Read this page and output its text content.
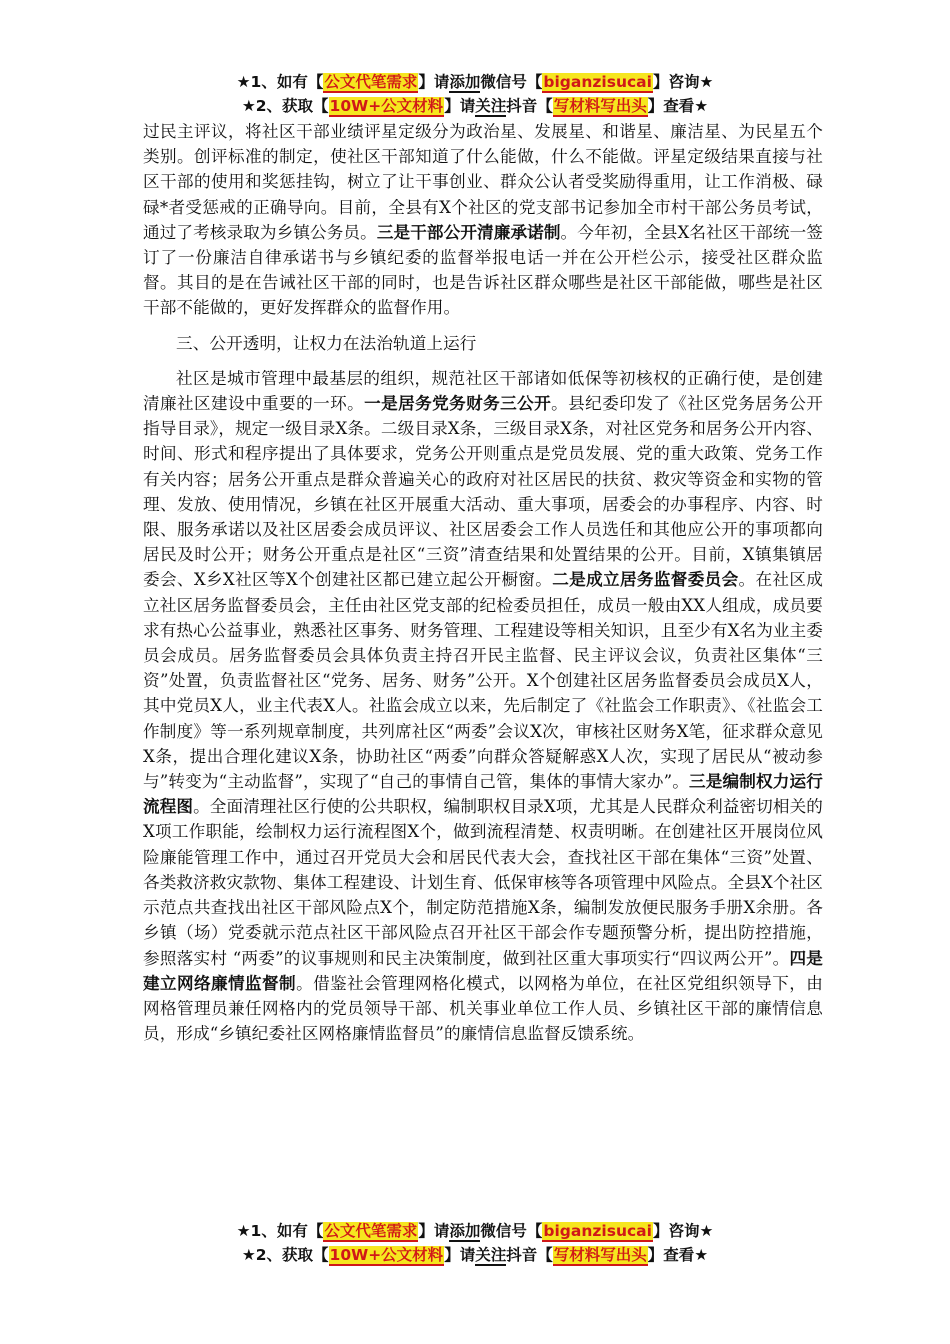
★1、如有【公文代笔需求】请添加微信号【biganzisucai】咨询★
★2、获取【10W+公文材料】请关注抖音【写材料写出头】查看★

过民主评议，将社区干部业绩评星定级分为政治星、发展星、和谐星、廉洁星、为民星五个类别。创评标准的制定，使社区干部知道了什么能做，什么不能做。评星定级结果直接与社区干部的使用和奖惩挂钩，树立了让干事创业、群众公认者受奖励得重用，让工作消极、碌碌*者受惩戒的正确导向。目前，全县有X个社区的党支部书记参加全市村干部公务员考试，通过了考核录取为乡镇公务员。三是干部公开清廉承诺制。今年初，全县X名社区干部统一签订了一份廉洁自律承诺书与乡镇纪委的监督举报电话一并在公开栏公示，接受社区群众监督。其目的是在告诫社区干部的同时，也是告诉社区群众哪些是社区干部能做，哪些是社区干部不能做的，更好发挥群众的监督作用。

三、公开透明，让权力在法治轨道上运行

社区是城市管理中最基层的组织，规范社区干部诸如低保等初核权的正确行使，是创建清廉社区建设中重要的一环。一是居务党务财务三公开。县纪委印发了《社区党务居务公开指导目录》，规定一级目录X条。二级目录X条，三级目录X条，对社区党务和居务公开内容、时间、形式和程序提出了具体要求，党务公开则重点是党员发展、党的重大政策、党务工作有关内容；居务公开重点是群众普遍关心的政府对社区居民的扶贫、救灾等资金和实物的管理、发放、使用情况，乡镇在社区开展重大活动、重大事项，居委会的办事程序、内容、时限、服务承诺以及社区居委会成员评议、社区居委会工作人员选任和其他应公开的事项都向居民及时公开；财务公开重点是社区“三资”清查结果和处置结果的公开。目前，X镇集镇居委会、X乡X社区等X个创建社区都已建立起公开橱窗。二是成立居务监督委员会。在社区成立社区居务监督委员会，主任由社区党支部的纪检委员担任，成员一般由XX人组成，成员要求有热心公益事业，熟悉社区事务、财务管理、工程建设等相关知识，且至少有X名为业主委员会成员。居务监督委员会具体负责主持召开民主监督、民主评议会议，负责社区集体“三资”处置，负责监督社区“党务、居务、财务”公开。X个创建社区居务监督委员会成员X人，其中党员X人，业主代表X人。社监会成立以来，先后制定了《社监会工作职责》、《社监会工作制度》等一系列规章制度，共列席社区“两委”会议X次，审核社区财务X笔，征求群众意见X条，提出合理化建议X条，协助社区“两委”向群众答疑解惑X人次，实现了居民从“被动参与”转变为“主动监督”，实现了“自己的事情自己管，集体的事情大家办”。三是编制权力运行流程图。全面清理社区行使的公共职权，编制职权目录X项，尤其是人民群众利益密切相关的X项工作职能，绘制权力运行流程图X个，做到流程清楚、权责明晰。在创建社区开展岗位风险廉能管理工作中，通过召开党员大会和居民代表大会，查找社区干部在集体“三资”处置、各类救济救灾款物、集体工程建设、计划生育、低保审核等各项管理中风险点。全县X个社区示范点共查找出社区干部风险点X个，制定防范措施X条，编制发放便民服务手册X余册。各乡镇（场）党委就示范点社区干部风险点召开社区干部会作专题预警分析，提出防控措施，参照落实村 “两委”的议事规则和民主决策制度，做到社区重大事项实行“四议两公开”。四是建立网络廉情监督制。借鉴社会管理网格化模式，以网格为单位，在社区党组织领导下，由网格管理员兼任网格内的党员领导干部、机关事业单位工作人员、乡镇社区干部的廉情信息员，形成“乡镇纪委社区网格廉情监督员”的廉情信息监督反馈系统。

★1、如有【公文代笔需求】请添加微信号【biganzisucai】咨询★
★2、获取【10W+公文材料】请关注抖音【写材料写出头】查看★
